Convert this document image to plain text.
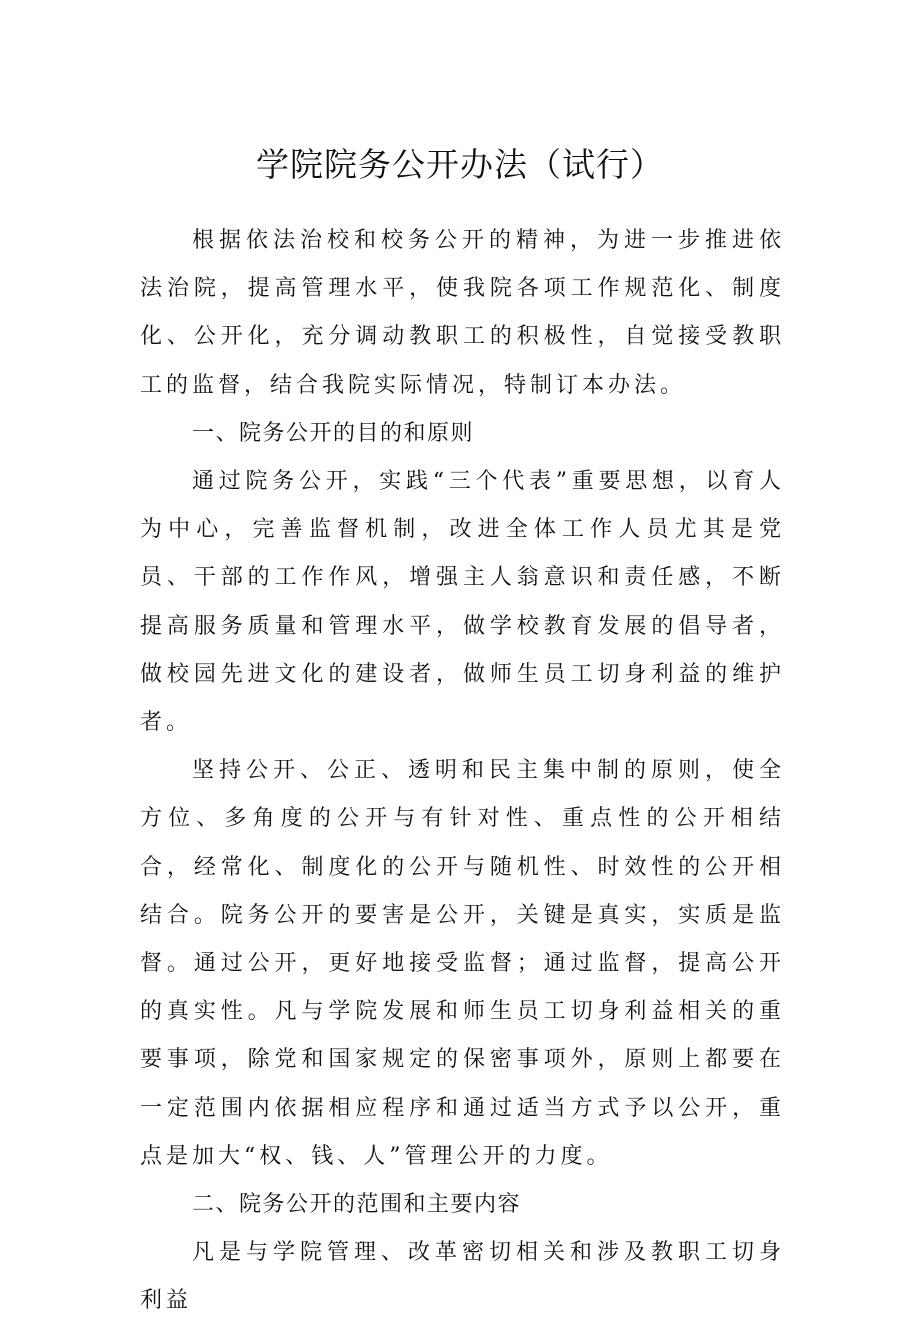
学院院务公开办法（试行）

根据依法治校和校务公开的精神，为进一步推进依法治院，提高管理水平，使我院各项工作规范化、制度化、公开化，充分调动教职工的积极性，自觉接受教职工的监督，结合我院实际情况，特制订本办法。

一、院务公开的目的和原则

通过院务公开，实践“三个代表”重要思想，以育人为中心，完善监督机制，改进全体工作人员尤其是党员、干部的工作作风，增强主人翁意识和责任感，不断提高服务质量和管理水平，做学校教育发展的倡导者，做校园先进文化的建设者，做师生员工切身利益的维护者。

坚持公开、公正、透明和民主集中制的原则，使全方位、多角度的公开与有针对性、重点性的公开相结合，经常化、制度化的公开与随机性、时效性的公开相结合。院务公开的要害是公开，关键是真实，实质是监督。通过公开，更好地接受监督；通过监督，提高公开的真实性。凡与学院发展和师生员工切身利益相关的重要事项，除党和国家规定的保密事项外，原则上都要在一定范围内依据相应程序和通过适当方式予以公开，重点是加大“权、钱、人”管理公开的力度。

二、院务公开的范围和主要内容

凡是与学院管理、改革密切相关和涉及教职工切身利益
